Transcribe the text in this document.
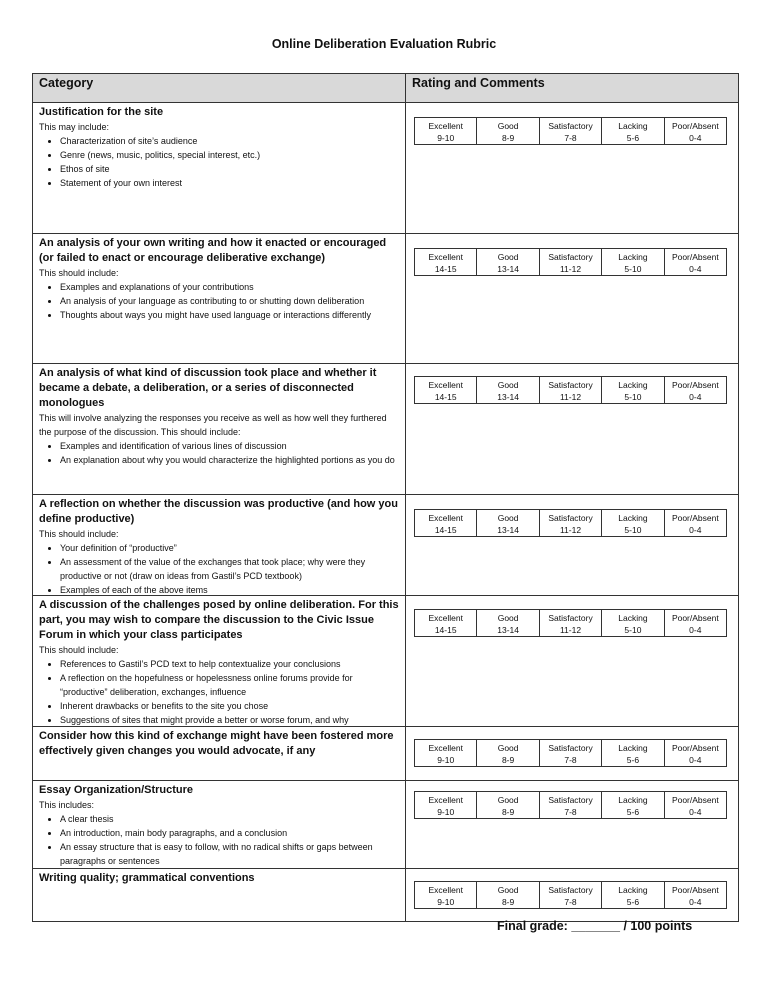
Online Deliberation Evaluation Rubric
Category	Rating and Comments
Justification for the site
This may include:
• Characterization of site’s audience
• Genre (news, music, politics, special interest, etc.)
• Ethos of site
• Statement of your own interest
Excellent
9-10
Good
8-9
Satisfactory
7-8
Lacking
5-6
Poor/Absent
0-4
An analysis of your own writing and how it enacted or encouraged (or failed to enact or encourage deliberative exchange)
This should include:
• Examples and explanations of your contributions
• An analysis of your language as contributing to or shutting down deliberation
• Thoughts about ways you might have used language or interactions differently
Excellent
14-15
Good
13-14
Satisfactory
11-12
Lacking
5-10
Poor/Absent
0-4
An analysis of what kind of discussion took place and whether it became a debate, a deliberation, or a series of disconnected monologues
This will involve analyzing the responses you receive as well as how well they furthered the purpose of the discussion. This should include:
• Examples and identification of various lines of discussion
• An explanation about why you would characterize the highlighted portions as you do
Excellent
14-15
Good
13-14
Satisfactory
11-12
Lacking
5-10
Poor/Absent
0-4
A reflection on whether the discussion was productive (and how you define productive)
This should include:
• Your definition of “productive”
• An assessment of the value of the exchanges that took place; why were they productive or not (draw on ideas from Gastil’s PCD textbook)
• Examples of each of the above items
Excellent
14-15
Good
13-14
Satisfactory
11-12
Lacking
5-10
Poor/Absent
0-4
A discussion of the challenges posed by online deliberation. For this part, you may wish to compare the discussion to the Civic Issue Forum in which your class participates
This should include:
• References to Gastil’s PCD text to help contextualize your conclusions
• A reflection on the hopefulness or hopelessness online forums provide for “productive” deliberation, exchanges, influence
• Inherent drawbacks or benefits to the site you chose
• Suggestions of sites that might provide a better or worse forum, and why
Excellent
14-15
Good
13-14
Satisfactory
11-12
Lacking
5-10
Poor/Absent
0-4
Consider how this kind of exchange might have been fostered more effectively given changes you would advocate, if any	Excellent
9-10
Good
8-9
Satisfactory
7-8
Lacking
5-6
Poor/Absent
0-4
Essay Organization/Structure
This includes:
• A clear thesis
• An introduction, main body paragraphs, and a conclusion
• An essay structure that is easy to follow, with no radical shifts or gaps between paragraphs or sentences
Excellent
9-10
Good
8-9
Satisfactory
7-8
Lacking
5-6
Poor/Absent
0-4
Writing quality; grammatical conventions
Excellent
9-10
Good
8-9
Satisfactory
7-8
Lacking
5-6
Poor/Absent
0-4
Final grade: _______ / 100 points
